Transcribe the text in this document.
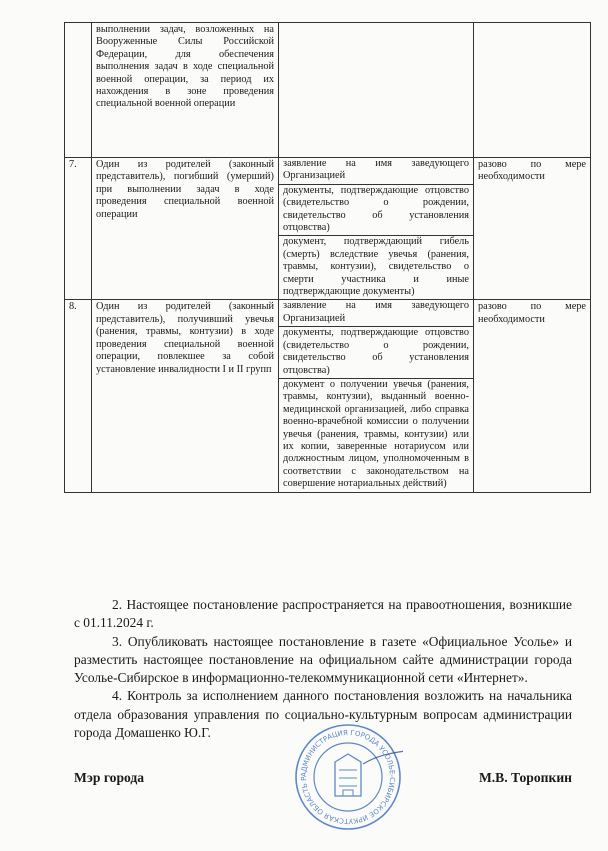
	выполнении задач, возложенных на Вооруженные Силы Российской Федерации, для обеспечения выполнения задач в ходе специальной военной операции, за период их нахождения в зоне проведения специальной военной операции		
7.	Один из родителей (законный представитель), погибший (умерший) при выполнении задач в ходе проведения специальной военной операции	заявление на имя заведующего Организацией
документы, подтверждающие отцовство (свидетельство о рождении, свидетельство об установления отцовства)
документ, подтверждающий гибель (смерть) вследствие увечья (ранения, травмы, контузии), свидетельство о смерти участника и иные подтверждающие документы)	разово по мере необходимости
8.	Один из родителей (законный представитель), получивший увечья (ранения, травмы, контузии) в ходе проведения специальной военной операции, повлекшее за собой установление инвалидности I и II групп	заявление на имя заведующего Организацией
документы, подтверждающие отцовство (свидетельство о рождении, свидетельство об установления отцовства)
документ о получении увечья (ранения, травмы, контузии), выданный военно-медицинской организацией, либо справка военно-врачебной комиссии о получении увечья (ранения, травмы, контузии) или их копии, заверенные нотариусом или должностным лицом, уполномоченным в соответствии с законодательством на совершение нотариальных действий)	разово по мере необходимости

2. Настоящее постановление распространяется на правоотношения, возникшие с 01.11.2024 г.

3. Опубликовать настоящее постановление в газете «Официальное Усолье» и разместить настоящее постановление на официальном сайте администрации города Усолье-Сибирское в информационно-телекоммуникационной сети «Интернет».

4. Контроль за исполнением данного постановления возложить на начальника отдела образования управления по социально-культурным вопросам администрации города Домашенко Ю.Г.

АДМИНИСТРАЦИЯ ГОРОДА УСОЛЬЕ-СИБИРСКОЕ ИРКУТСКАЯ ОБЛАСТЬ Р
Мэр города	М.В. Торопкин
